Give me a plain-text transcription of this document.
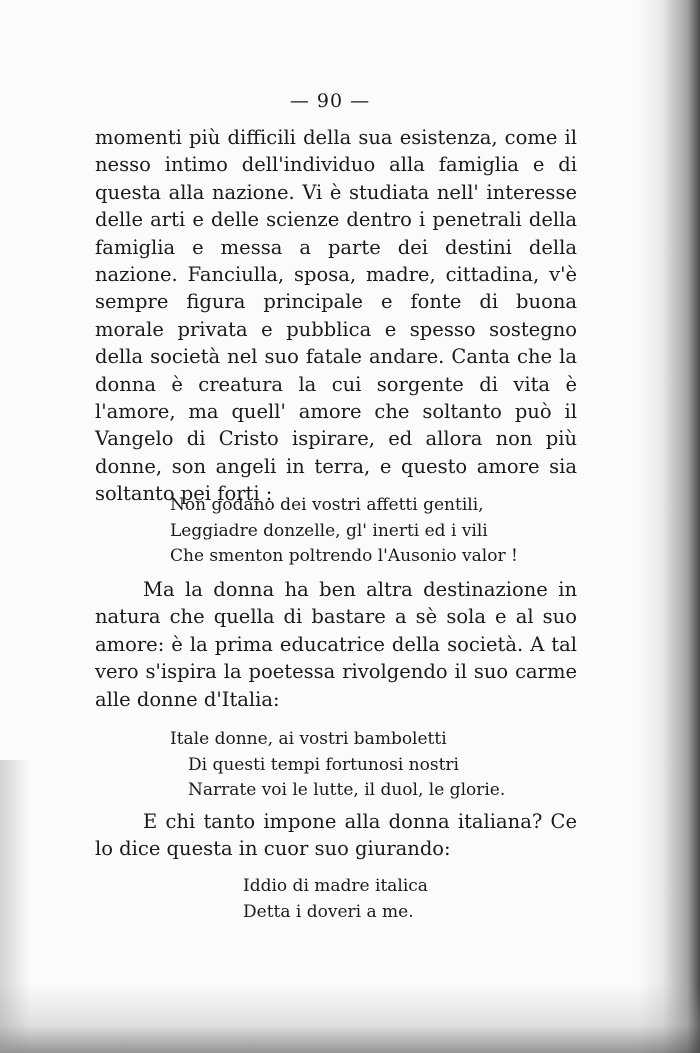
— 90 —

momenti più difficili della sua esistenza, come il nesso intimo dell'individuo alla famiglia e di questa alla nazione. Vi è studiata nell' interesse delle arti e delle scienze dentro i penetrali della famiglia e messa a parte dei destini della nazione. Fanciulla, sposa, madre, cittadina, v'è sempre figura principale e fonte di buona morale privata e pubblica e spesso sostegno della società nel suo fatale andare. Canta che la donna è creatura la cui sorgente di vita è l'amore, ma quell' amore che soltanto può il Vangelo di Cristo ispirare, ed allora non più donne, son angeli in terra, e questo amore sia soltanto pei forti :

Non godano dei vostri affetti gentili,
Leggiadre donzelle, gl' inerti ed i vili
Che smenton poltrendo l'Ausonio valor !

Ma la donna ha ben altra destinazione in natura che quella di bastare a sè sola e al suo amore: è la prima educatrice della società. A tal vero s'ispira la poetessa rivolgendo il suo carme alle donne d'Italia:

Itale donne, ai vostri bamboletti
Di questi tempi fortunosi nostri
Narrate voi le lutte, il duol, le glorie.

E chi tanto impone alla donna italiana? Ce lo dice questa in cuor suo giurando:

Iddio di madre italica
Detta i doveri a me.
